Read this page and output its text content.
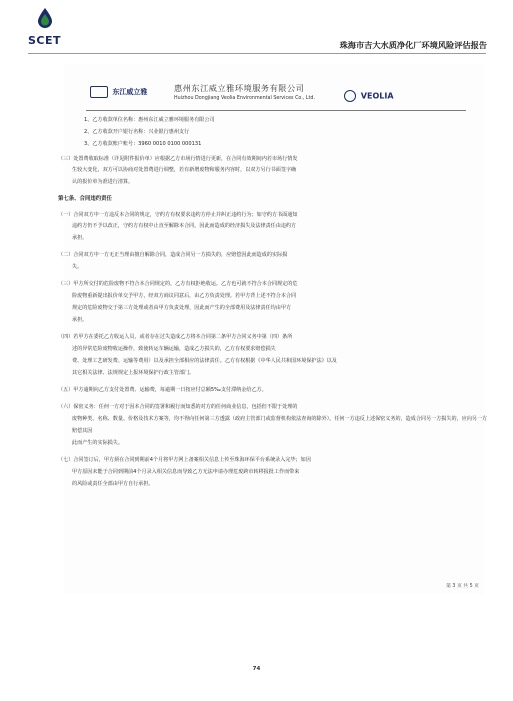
SCET	珠海市吉大水质净化厂环境风险评估报告
东江威立雅	惠州东江威立雅环境服务有限公司
Huizhou Dongjiang Veolia Environmental Services Co., Ltd.	VEOLIA
1、乙方收款单位名称：惠州东江威立雅环境服务有限公司
2、乙方收款开户银行名称：兴业银行惠州支行
3、乙方收款账户账号：3960 0010 0100 000131
（三）处置费收取标准（详见附件报价单）应根据乙方市场行情进行更新，在合同有效期间内若市场行情发
生较大变化，双方可以协商对处置费进行调整，若有新增废物和服务内容时，以双方另行书面签字确
认的报价单为准进行清算。
第七条、合同违约责任
（一）合同双方中一方违反本合同的规定，守约方有权要求违约方停止并纠正违约行为；如守约方书面通知
违约方仍不予以改正，守约方有权中止直至解除本合同，因此而造成的经济损失及法律责任由违约方
承担。
（二）合同双方中一方无正当理由擅自解除合同，造成合同另一方损失的，应赔偿因此而造成的实际损
失。
（三）甲方所交付的危险废物不符合本合同规定的，乙方有权拒绝收运。乙方也可就不符合本合同规定的危
险废物重新提出报价单交予甲方，经双方商议同意后，由乙方负责处理。若甲方背上述不符合本合同
规定的危险废物交于第三方处理或者由甲方负责处理，因此而产生的全部费用及法律责任均由甲方
承担。
（四）若甲方在委托乙方收运人员，或者存在过失造成乙方将本合同第二条甲方合同义务中第（四）条所
述的异常危险废物收运操作，致使转运车辆运输，造成乙方损失的，乙方有权要求赔偿损失
费、处理工艺研发费、运输等费用）以及承担全部相应的法律责任。乙方有权根据《中华人民共和国环境保护法》以及
其它相关法律、法规规定上报环境保护行政主管部门。
（五）甲方逾期向乙方支付处置费、运输费，每逾期一日按应付总额5‰支付滞纳金给乙方。
（六）保密义务：任何一方对于因本合同的签署和履行而知悉的对方的任何商业信息，包括但不限于处理的
废物种类、名称、数量、价格及技术方案等，均不得向任何第三方透露（政府主管部门或监督机构依法查询的除外）。任何一方违反上述保密义务的，造成合同另一方损失的，应向另一方赔偿其因
此而产生的实际损失。
（七）合同签订后，甲方须在合同到期前4个月将甲方网上备案相关信息上传至珠海环保平台系统录入完毕；如因
甲方原因未能于合同到期前4个月录入相关信息而导致乙方无法申请办理危废跨市转移报批工作而带来
的风险或责任全部由甲方自行承担。
第 3 页 共 5 页
74
